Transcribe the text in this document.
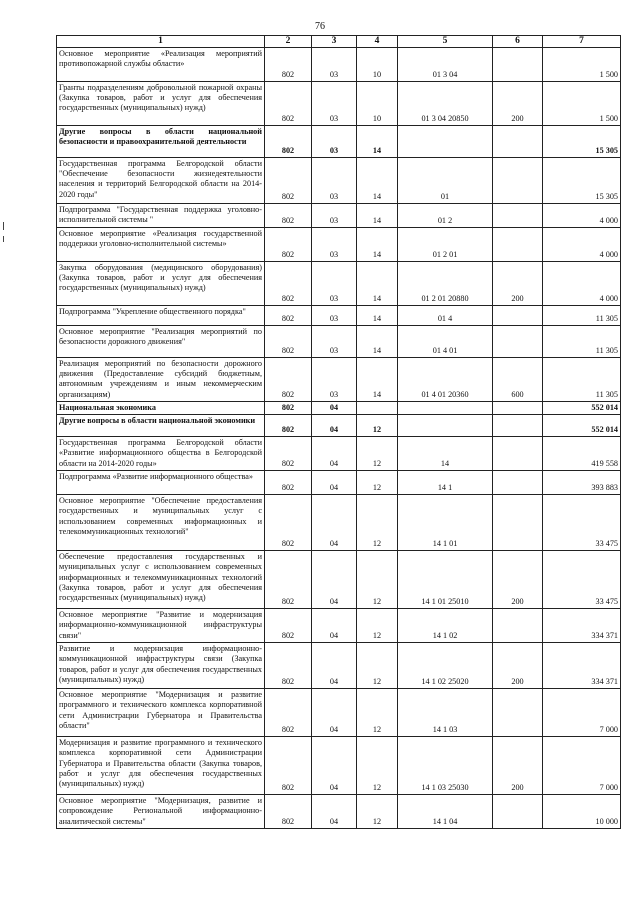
76
1	2	3	4	5	6	7
Основное мероприятие «Реализация мероприятий противопожарной службы области»	802	03	10	01 3 04		1 500
Гранты подразделениям добровольной пожарной охраны (Закупка товаров, работ и услуг для обеспечения государственных (муниципальных) нужд)	802	03	10	01 3 04 20850	200	1 500
Другие вопросы в области национальной безопасности и правоохранительной деятельности	802	03	14			15 305
Государственная программа Белгородской области "Обеспечение безопасности жизнедеятельности населения и территорий Белгородской области на 2014-2020 годы"	802	03	14	01		15 305
Подпрограмма "Государственная поддержка уголовно-исполнительной системы "	802	03	14	01 2		4 000
Основное мероприятие «Реализация государственной поддержки уголовно-исполнительной системы»	802	03	14	01 2 01		4 000
Закупка оборудования (медицинского оборудования) (Закупка товаров, работ и услуг для обеспечения государственных (муниципальных) нужд)	802	03	14	01 2 01 20880	200	4 000
Подпрограмма "Укрепление общественного порядка"	802	03	14	01 4		11 305
Основное мероприятие "Реализация мероприятий по безопасности дорожного движения"	802	03	14	01 4 01		11 305
Реализация мероприятий по безопасности дорожного движения (Предоставление субсидий бюджетным, автономным учреждениям и иным некоммерческим организациям)	802	03	14	01 4 01 20360	600	11 305
Национальная экономика	802	04				552 014
Другие вопросы в области национальной экономики	802	04	12			552 014
Государственная программа Белгородской области «Развитие информационного общества в Белгородской области на 2014-2020 годы»	802	04	12	14		419 558
Подпрограмма «Развитие информационного общества»	802	04	12	14 1		393 883
Основное мероприятие "Обеспечение предоставления государственных и муниципальных услуг с использованием современных информационных и телекоммуникационных технологий"	802	04	12	14 1 01		33 475
Обеспечение предоставления государственных и муниципальных услуг с использованием современных информационных и телекоммуникационных технологий (Закупка товаров, работ и услуг для обеспечения государственных (муниципальных) нужд)	802	04	12	14 1 01 25010	200	33 475
Основное мероприятие "Развитие и модернизация информационно-коммуникационной инфраструктуры связи"	802	04	12	14 1 02		334 371
Развитие и модернизация информационно-коммуникационной инфраструктуры связи (Закупка товаров, работ и услуг для обеспечения государственных (муниципальных) нужд)	802	04	12	14 1 02 25020	200	334 371
Основное мероприятие "Модернизация и развитие программного и технического комплекса корпоративной сети Администрации Губернатора и Правительства области"	802	04	12	14 1 03		7 000
Модернизация и развитие программного и технического комплекса корпоративной сети Администрации Губернатора и Правительства области (Закупка товаров, работ и услуг для обеспечения государственных (муниципальных) нужд)	802	04	12	14 1 03 25030	200	7 000
Основное мероприятие "Модернизация, развитие и сопровождение Региональной информационно-аналитической системы"	802	04	12	14 1 04		10 000
